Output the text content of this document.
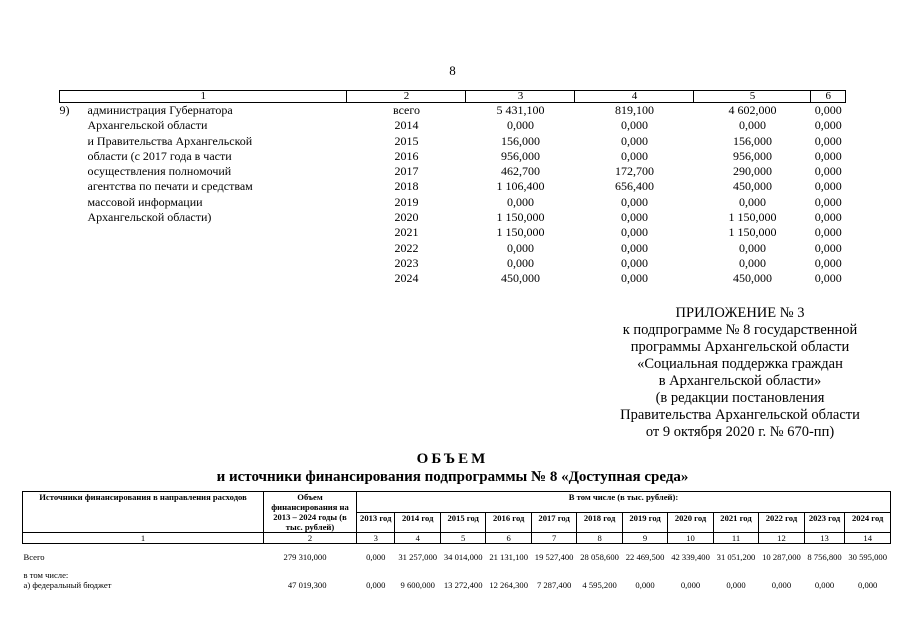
8
1		2	3	4	5	6
9)	администрация Губернатора	всего	5 431,100	819,100	4 602,000	0,000
	Архангельской области	2014	0,000	0,000	0,000	0,000
	и Правительства Архангельской	2015	156,000	0,000	156,000	0,000
	области (с 2017 года в части	2016	956,000	0,000	956,000	0,000
	осуществления полномочий	2017	462,700	172,700	290,000	0,000
	агентства по печати и средствам	2018	1 106,400	656,400	450,000	0,000
	массовой информации	2019	0,000	0,000	0,000	0,000
	Архангельской области)	2020	1 150,000	0,000	1 150,000	0,000
		2021	1 150,000	0,000	1 150,000	0,000
		2022	0,000	0,000	0,000	0,000
		2023	0,000	0,000	0,000	0,000
		2024	450,000	0,000	450,000	0,000
ПРИЛОЖЕНИЕ № 3
к подпрограмме № 8 государственной
программы Архангельской области
«Социальная поддержка граждан
в Архангельской области»
(в редакции постановления
Правительства Архангельской области
от 9 октября 2020 г. № 670-пп)
ОБЪЕМ
и источники финансирования подпрограммы № 8 «Доступная среда»
Источники финансирования в направления расходов	Объем финансирования на 2013 – 2024 годы (в тыс. рублей)	В том числе (в тыс. рублей):											
		2013 год	2014 год	2015 год	2016 год	2017 год	2018 год	2019 год	2020 год	2021 год	2022 год	2023 год	2024 год
1	2	3	4	5	6	7	8	9	10	11	12	13	14

Всего	279 310,000	0,000	31 257,000	34 014,000	21 131,100	19 527,400	28 058,600	22 469,500	42 339,400	31 051,200	10 287,000	8 756,800	30 595,000

в том числе:													
а) федеральный бюджет	47 019,300	0,000	9 600,000	13 272,400	12 264,300	7 287,400	4 595,200	0,000	0,000	0,000	0,000	0,000	0,000
